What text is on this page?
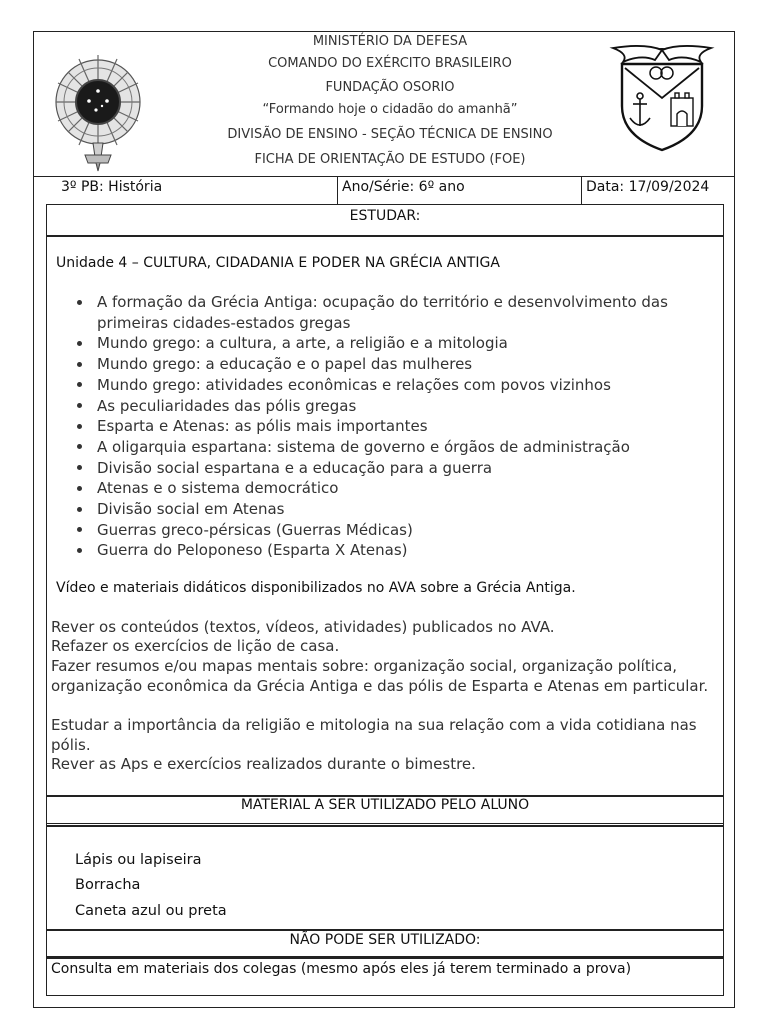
MINISTÉRIO DA DEFESA
COMANDO DO EXÉRCITO BRASILEIRO
FUNDAÇÃO OSORIO
“Formando hoje o cidadão do amanhã”
DIVISÃO DE ENSINO - SEÇÃO TÉCNICA DE ENSINO
FICHA DE ORIENTAÇÃO DE ESTUDO (FOE)
3º PB: História	Ano/Série: 6º ano	Data: 17/09/2024
ESTUDAR:
Unidade 4 – CULTURA, CIDADANIA E PODER NA GRÉCIA ANTIGA
A formação da Grécia Antiga: ocupação do território e desenvolvimento das primeiras cidades-estados gregas
Mundo grego: a cultura, a arte, a religião e a mitologia
Mundo grego: a educação e o papel das mulheres
Mundo grego: atividades econômicas e relações com povos vizinhos
As peculiaridades das pólis gregas
Esparta e Atenas: as pólis mais importantes
A oligarquia espartana: sistema de governo e órgãos de administração
Divisão social espartana e a educação para a guerra
Atenas e o sistema democrático
Divisão social em Atenas
Guerras greco-pérsicas (Guerras Médicas)
Guerra do Peloponeso (Esparta X Atenas)
Vídeo e materiais didáticos disponibilizados no AVA sobre a Grécia Antiga.

Rever os conteúdos (textos, vídeos, atividades) publicados no AVA.

Refazer os exercícios de lição de casa.

Fazer resumos e/ou mapas mentais sobre: organização social, organização política, organização econômica da Grécia Antiga e das pólis de Esparta e Atenas em particular.

Estudar a importância da religião e mitologia na sua relação com a vida cotidiana nas pólis.

Rever as Aps e exercícios realizados durante o bimestre.

MATERIAL A SER UTILIZADO PELO ALUNO
Lápis ou lapiseira
Borracha
Caneta azul ou preta
NÃO PODE SER UTILIZADO:
Consulta em materiais dos colegas (mesmo após eles já terem terminado a prova)
